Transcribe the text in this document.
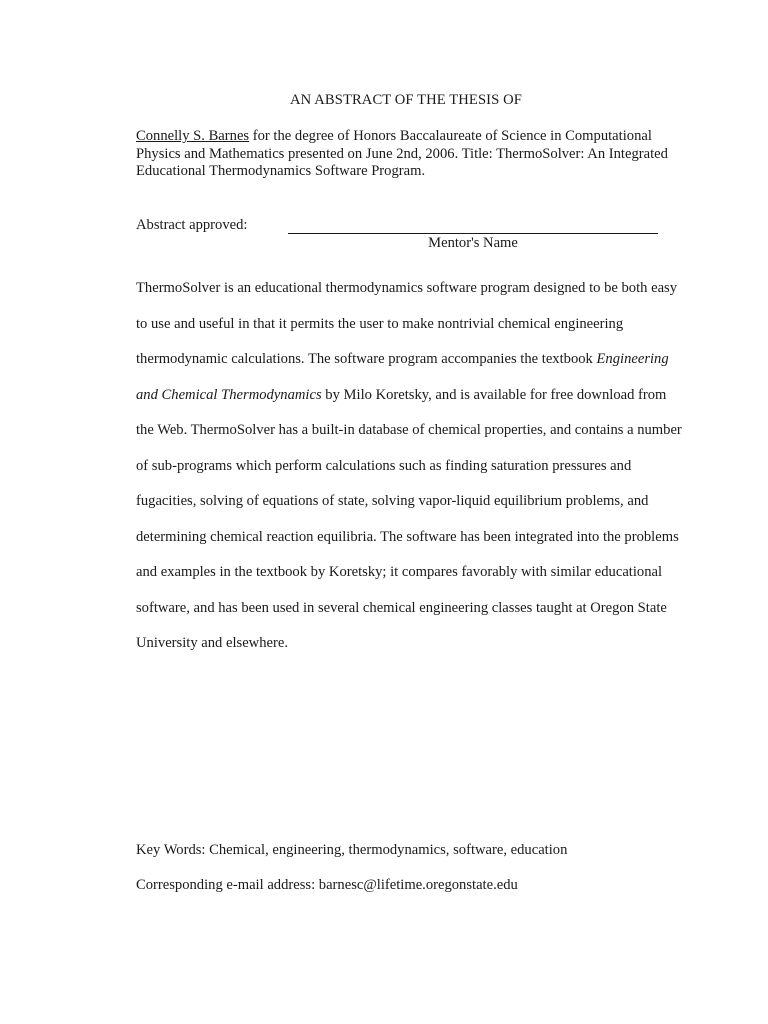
AN ABSTRACT OF THE THESIS OF
Connelly S. Barnes for the degree of Honors Baccalaureate of Science in Computational Physics and Mathematics presented on June 2nd, 2006. Title: ThermoSolver: An Integrated Educational Thermodynamics Software Program.
Abstract approved:
Mentor's Name
ThermoSolver is an educational thermodynamics software program designed to be both easy to use and useful in that it permits the user to make nontrivial chemical engineering thermodynamic calculations. The software program accompanies the textbook Engineering and Chemical Thermodynamics by Milo Koretsky, and is available for free download from the Web. ThermoSolver has a built-in database of chemical properties, and contains a number of sub-programs which perform calculations such as finding saturation pressures and fugacities, solving of equations of state, solving vapor-liquid equilibrium problems, and determining chemical reaction equilibria. The software has been integrated into the problems and examples in the textbook by Koretsky; it compares favorably with similar educational software, and has been used in several chemical engineering classes taught at Oregon State University and elsewhere.
Key Words: Chemical, engineering, thermodynamics, software, education
Corresponding e-mail address: barnesc@lifetime.oregonstate.edu
